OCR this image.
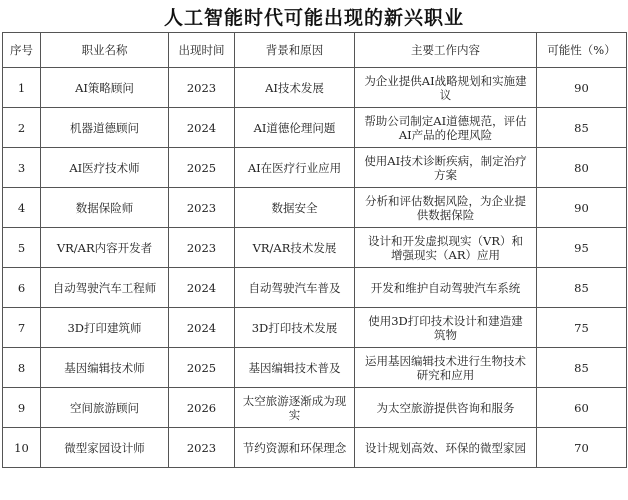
人工智能时代可能出现的新兴职业
序号	职业名称	出现时间	背景和原因	主要工作内容	可能性（%）
1	AI策略顾问	2023	AI技术发展	为企业提供AI战略规划和实施建议	90
2	机器道德顾问	2024	AI道德伦理问题	帮助公司制定AI道德规范，评估AI产品的伦理风险	85
3	AI医疗技术师	2025	AI在医疗行业应用	使用AI技术诊断疾病，制定治疗方案	80
4	数据保险师	2023	数据安全	分析和评估数据风险，为企业提供数据保险	90
5	VR/AR内容开发者	2023	VR/AR技术发展	设计和开发虚拟现实（VR）和增强现实（AR）应用	95
6	自动驾驶汽车工程师	2024	自动驾驶汽车普及	开发和维护自动驾驶汽车系统	85
7	3D打印建筑师	2024	3D打印技术发展	使用3D打印技术设计和建造建筑物	75
8	基因编辑技术师	2025	基因编辑技术普及	运用基因编辑技术进行生物技术研究和应用	85
9	空间旅游顾问	2026	太空旅游逐渐成为现实	为太空旅游提供咨询和服务	60
10	微型家园设计师	2023	节约资源和环保理念	设计规划高效、环保的微型家园	70
